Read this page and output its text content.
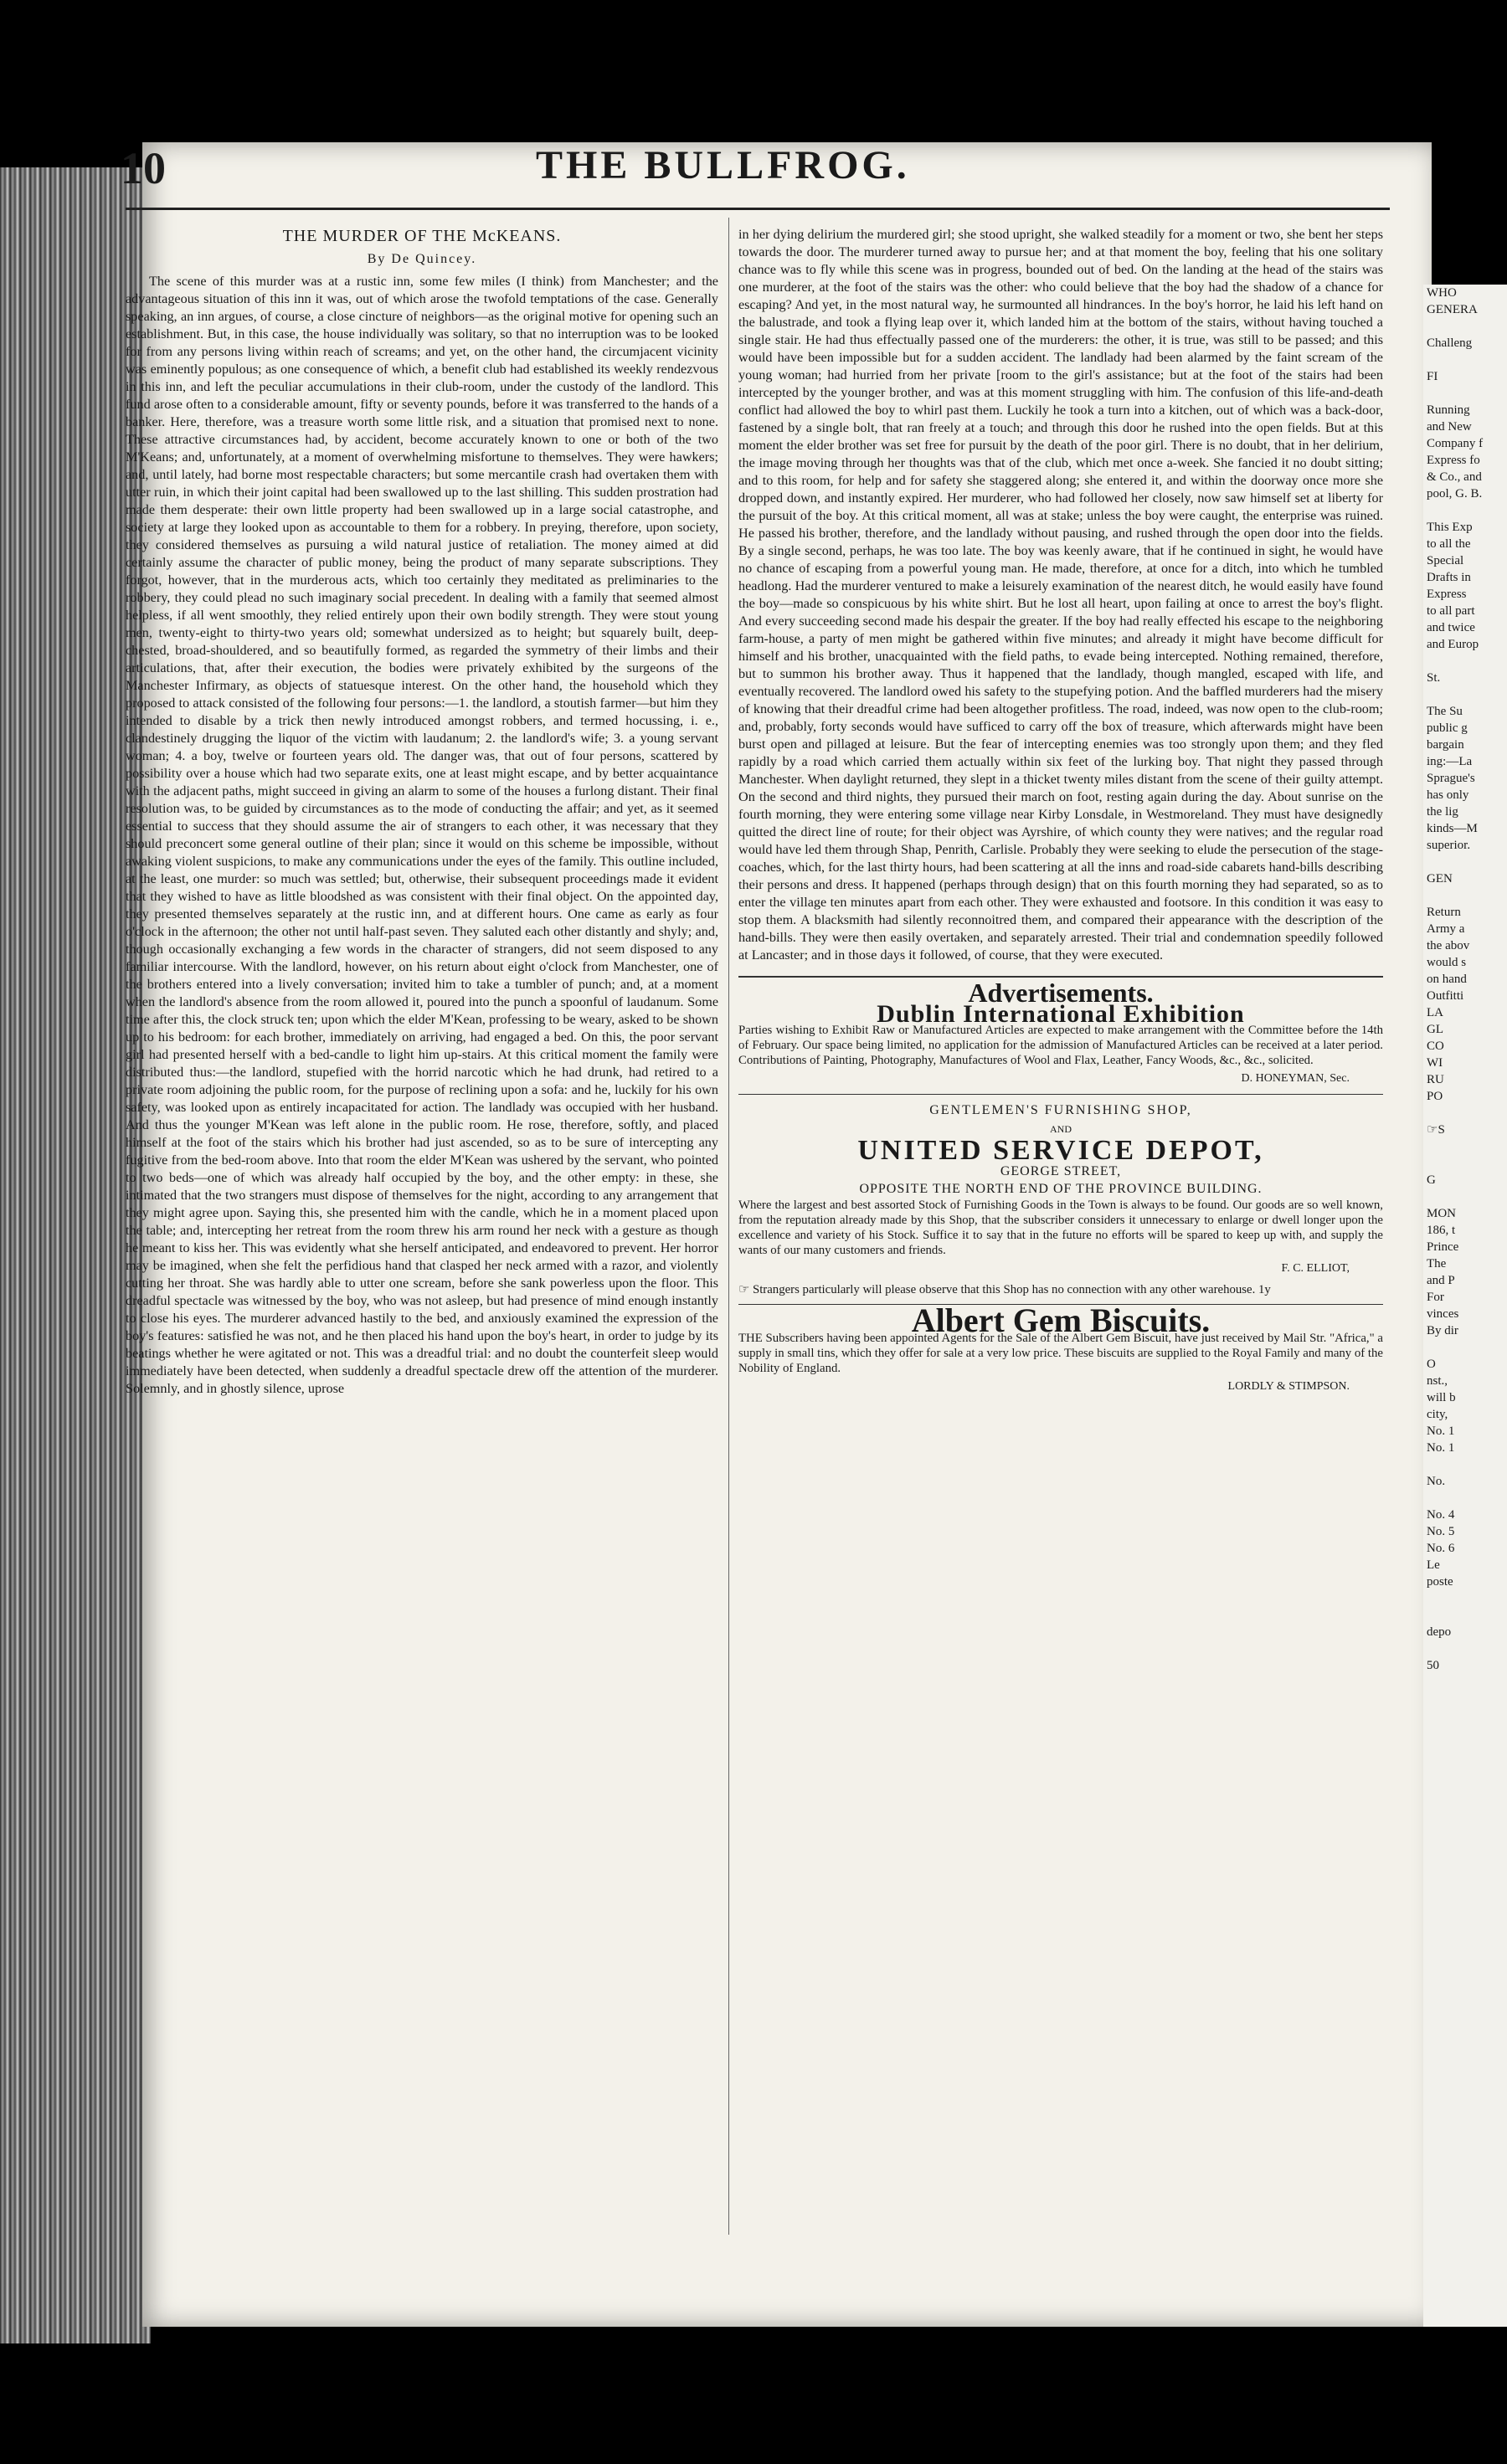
•
10	THE BULLFROG.
THE MURDER OF THE McKEANS.
By De Quincey.

The scene of this murder was at a rustic inn, some few miles (I think) from Manchester; and the advantageous situation of this inn it was, out of which arose the twofold temptations of the case. Generally speaking, an inn argues, of course, a close cincture of neighbors—as the original motive for opening such an establishment. But, in this case, the house individually was solitary, so that no interruption was to be looked for from any persons living within reach of screams; and yet, on the other hand, the circumjacent vicinity was eminently populous; as one consequence of which, a benefit club had established its weekly rendezvous in this inn, and left the peculiar accumulations in their club-room, under the custody of the landlord. This fund arose often to a considerable amount, fifty or seventy pounds, before it was transferred to the hands of a banker. Here, therefore, was a treasure worth some little risk, and a situation that promised next to none. These attractive circumstances had, by accident, become accurately known to one or both of the two M'Keans; and, unfortunately, at a moment of overwhelming misfortune to themselves. They were hawkers; and, until lately, had borne most respectable characters; but some mercantile crash had overtaken them with utter ruin, in which their joint capital had been swallowed up to the last shilling. This sudden prostration had made them desperate: their own little property had been swallowed up in a large social catastrophe, and society at large they looked upon as accountable to them for a robbery. In preying, therefore, upon society, they considered themselves as pursuing a wild natural justice of retaliation. The money aimed at did certainly assume the character of public money, being the product of many separate subscriptions. They forgot, however, that in the murderous acts, which too certainly they meditated as preliminaries to the robbery, they could plead no such imaginary social precedent. In dealing with a family that seemed almost helpless, if all went smoothly, they relied entirely upon their own bodily strength. They were stout young men, twenty-eight to thirty-two years old; somewhat undersized as to height; but squarely built, deep-chested, broad-shouldered, and so beautifully formed, as regarded the symmetry of their limbs and their articulations, that, after their execution, the bodies were privately exhibited by the surgeons of the Manchester Infirmary, as objects of statuesque interest. On the other hand, the household which they proposed to attack consisted of the following four persons:—1. the landlord, a stoutish farmer—but him they intended to disable by a trick then newly introduced amongst robbers, and termed hocussing, i. e., clandestinely drugging the liquor of the victim with laudanum; 2. the landlord's wife; 3. a young servant woman; 4. a boy, twelve or fourteen years old. The danger was, that out of four persons, scattered by possibility over a house which had two separate exits, one at least might escape, and by better acquaintance with the adjacent paths, might succeed in giving an alarm to some of the houses a furlong distant. Their final resolution was, to be guided by circumstances as to the mode of conducting the affair; and yet, as it seemed essential to success that they should assume the air of strangers to each other, it was necessary that they should preconcert some general outline of their plan; since it would on this scheme be impossible, without awaking violent suspicions, to make any communications under the eyes of the family. This outline included, at the least, one murder: so much was settled; but, otherwise, their subsequent proceedings made it evident that they wished to have as little bloodshed as was consistent with their final object. On the appointed day, they presented themselves separately at the rustic inn, and at different hours. One came as early as four o'clock in the afternoon; the other not until half-past seven. They saluted each other distantly and shyly; and, though occasionally exchanging a few words in the character of strangers, did not seem disposed to any familiar intercourse. With the landlord, however, on his return about eight o'clock from Manchester, one of the brothers entered into a lively conversation; invited him to take a tumbler of punch; and, at a moment when the landlord's absence from the room allowed it, poured into the punch a spoonful of laudanum. Some time after this, the clock struck ten; upon which the elder M'Kean, professing to be weary, asked to be shown up to his bedroom: for each brother, immediately on arriving, had engaged a bed. On this, the poor servant girl had presented herself with a bed-candle to light him up-stairs. At this critical moment the family were distributed thus:—the landlord, stupefied with the horrid narcotic which he had drunk, had retired to a private room adjoining the public room, for the purpose of reclining upon a sofa: and he, luckily for his own safety, was looked upon as entirely incapacitated for action. The landlady was occupied with her husband. And thus the younger M'Kean was left alone in the public room. He rose, therefore, softly, and placed himself at the foot of the stairs which his brother had just ascended, so as to be sure of intercepting any fugitive from the bed-room above. Into that room the elder M'Kean was ushered by the servant, who pointed to two beds—one of which was already half occupied by the boy, and the other empty: in these, she intimated that the two strangers must dispose of themselves for the night, according to any arrangement that they might agree upon. Saying this, she presented him with the candle, which he in a moment placed upon the table; and, intercepting her retreat from the room threw his arm round her neck with a gesture as though he meant to kiss her. This was evidently what she herself anticipated, and endeavored to prevent. Her horror may be imagined, when she felt the perfidious hand that clasped her neck armed with a razor, and violently cutting her throat. She was hardly able to utter one scream, before she sank powerless upon the floor. This dreadful spectacle was witnessed by the boy, who was not asleep, but had presence of mind enough instantly to close his eyes. The murderer advanced hastily to the bed, and anxiously examined the expression of the boy's features: satisfied he was not, and he then placed his hand upon the boy's heart, in order to judge by its beatings whether he were agitated or not. This was a dreadful trial: and no doubt the counterfeit sleep would immediately have been detected, when suddenly a dreadful spectacle drew off the attention of the murderer. Solemnly, and in ghostly silence, uprose

in her dying delirium the murdered girl; she stood upright, she walked steadily for a moment or two, she bent her steps towards the door. The murderer turned away to pursue her; and at that moment the boy, feeling that his one solitary chance was to fly while this scene was in progress, bounded out of bed. On the landing at the head of the stairs was one murderer, at the foot of the stairs was the other: who could believe that the boy had the shadow of a chance for escaping? And yet, in the most natural way, he surmounted all hindrances. In the boy's horror, he laid his left hand on the balustrade, and took a flying leap over it, which landed him at the bottom of the stairs, without having touched a single stair. He had thus effectually passed one of the murderers: the other, it is true, was still to be passed; and this would have been impossible but for a sudden accident. The landlady had been alarmed by the faint scream of the young woman; had hurried from her private [room to the girl's assistance; but at the foot of the stairs had been intercepted by the younger brother, and was at this moment struggling with him. The confusion of this life-and-death conflict had allowed the boy to whirl past them. Luckily he took a turn into a kitchen, out of which was a back-door, fastened by a single bolt, that ran freely at a touch; and through this door he rushed into the open fields. But at this moment the elder brother was set free for pursuit by the death of the poor girl. There is no doubt, that in her delirium, the image moving through her thoughts was that of the club, which met once a-week. She fancied it no doubt sitting; and to this room, for help and for safety she staggered along; she entered it, and within the doorway once more she dropped down, and instantly expired. Her murderer, who had followed her closely, now saw himself set at liberty for the pursuit of the boy. At this critical moment, all was at stake; unless the boy were caught, the enterprise was ruined. He passed his brother, therefore, and the landlady without pausing, and rushed through the open door into the fields. By a single second, perhaps, he was too late. The boy was keenly aware, that if he continued in sight, he would have no chance of escaping from a powerful young man. He made, therefore, at once for a ditch, into which he tumbled headlong. Had the murderer ventured to make a leisurely examination of the nearest ditch, he would easily have found the boy—made so conspicuous by his white shirt. But he lost all heart, upon failing at once to arrest the boy's flight. And every succeeding second made his despair the greater. If the boy had really effected his escape to the neighboring farm-house, a party of men might be gathered within five minutes; and already it might have become difficult for himself and his brother, unacquainted with the field paths, to evade being intercepted. Nothing remained, therefore, but to summon his brother away. Thus it happened that the landlady, though mangled, escaped with life, and eventually recovered. The landlord owed his safety to the stupefying potion. And the baffled murderers had the misery of knowing that their dreadful crime had been altogether profitless. The road, indeed, was now open to the club-room; and, probably, forty seconds would have sufficed to carry off the box of treasure, which afterwards might have been burst open and pillaged at leisure. But the fear of intercepting enemies was too strongly upon them; and they fled rapidly by a road which carried them actually within six feet of the lurking boy. That night they passed through Manchester. When daylight returned, they slept in a thicket twenty miles distant from the scene of their guilty attempt. On the second and third nights, they pursued their march on foot, resting again during the day. About sunrise on the fourth morning, they were entering some village near Kirby Lonsdale, in Westmoreland. They must have designedly quitted the direct line of route; for their object was Ayrshire, of which county they were natives; and the regular road would have led them through Shap, Penrith, Carlisle. Probably they were seeking to elude the persecution of the stage-coaches, which, for the last thirty hours, had been scattering at all the inns and road-side cabarets hand-bills describing their persons and dress. It happened (perhaps through design) that on this fourth morning they had separated, so as to enter the village ten minutes apart from each other. They were exhausted and footsore. In this condition it was easy to stop them. A blacksmith had silently reconnoitred them, and compared their appearance with the description of the hand-bills. They were then easily overtaken, and separately arrested. Their trial and condemnation speedily followed at Lancaster; and in those days it followed, of course, that they were executed.

Advertisements.
Dublin International Exhibition
Parties wishing to Exhibit Raw or Manufactured Articles are expected to make arrangement with the Committee before the 14th of February. Our space being limited, no application for the admission of Manufactured Articles can be received at a later period. Contributions of Painting, Photography, Manufactures of Wool and Flax, Leather, Fancy Woods, &c., &c., solicited.
D. HONEYMAN, Sec.
GENTLEMEN'S FURNISHING SHOP,
AND
UNITED SERVICE DEPOT,
GEORGE STREET,
OPPOSITE THE NORTH END OF THE PROVINCE BUILDING.
Where the largest and best assorted Stock of Furnishing Goods in the Town is always to be found. Our goods are so well known, from the reputation already made by this Shop, that the subscriber considers it unnecessary to enlarge or dwell longer upon the excellence and variety of his Stock. Suffice it to say that in the future no efforts will be spared to keep up with, and supply the wants of our many customers and friends.
F. C. ELLIOT,
☞ Strangers particularly will please observe that this Shop has no connection with any other warehouse. 1y
Albert Gem Biscuits.
THE Subscribers having been appointed Agents for the Sale of the Albert Gem Biscuit, have just received by Mail Str. "Africa," a supply in small tins, which they offer for sale at a very low price. These biscuits are supplied to the Royal Family and many of the Nobility of England.
LORDLY & STIMPSON.
WHO
GENERA

Challeng

FI

Running
and New
Company f
Express fo
& Co., and
pool, G. B.

This Exp
to all the
Special
Drafts in
Express
to all part
and twice
and Europ

St.

The Su
public g
bargain
ing:—La
Sprague's
has only
the lig
kinds—M
superior.

GEN

Return
Army a
the abov
would s
on hand
Outfitti
LA
GL
CO
WI
RU
PO

☞S

G

MON
186, t
Prince
The
and P
For
vinces
By dir

O
nst.,
will b
city,
No. 1
No. 1

No.

No. 4
No. 5
No. 6
Le
poste

depo

50
